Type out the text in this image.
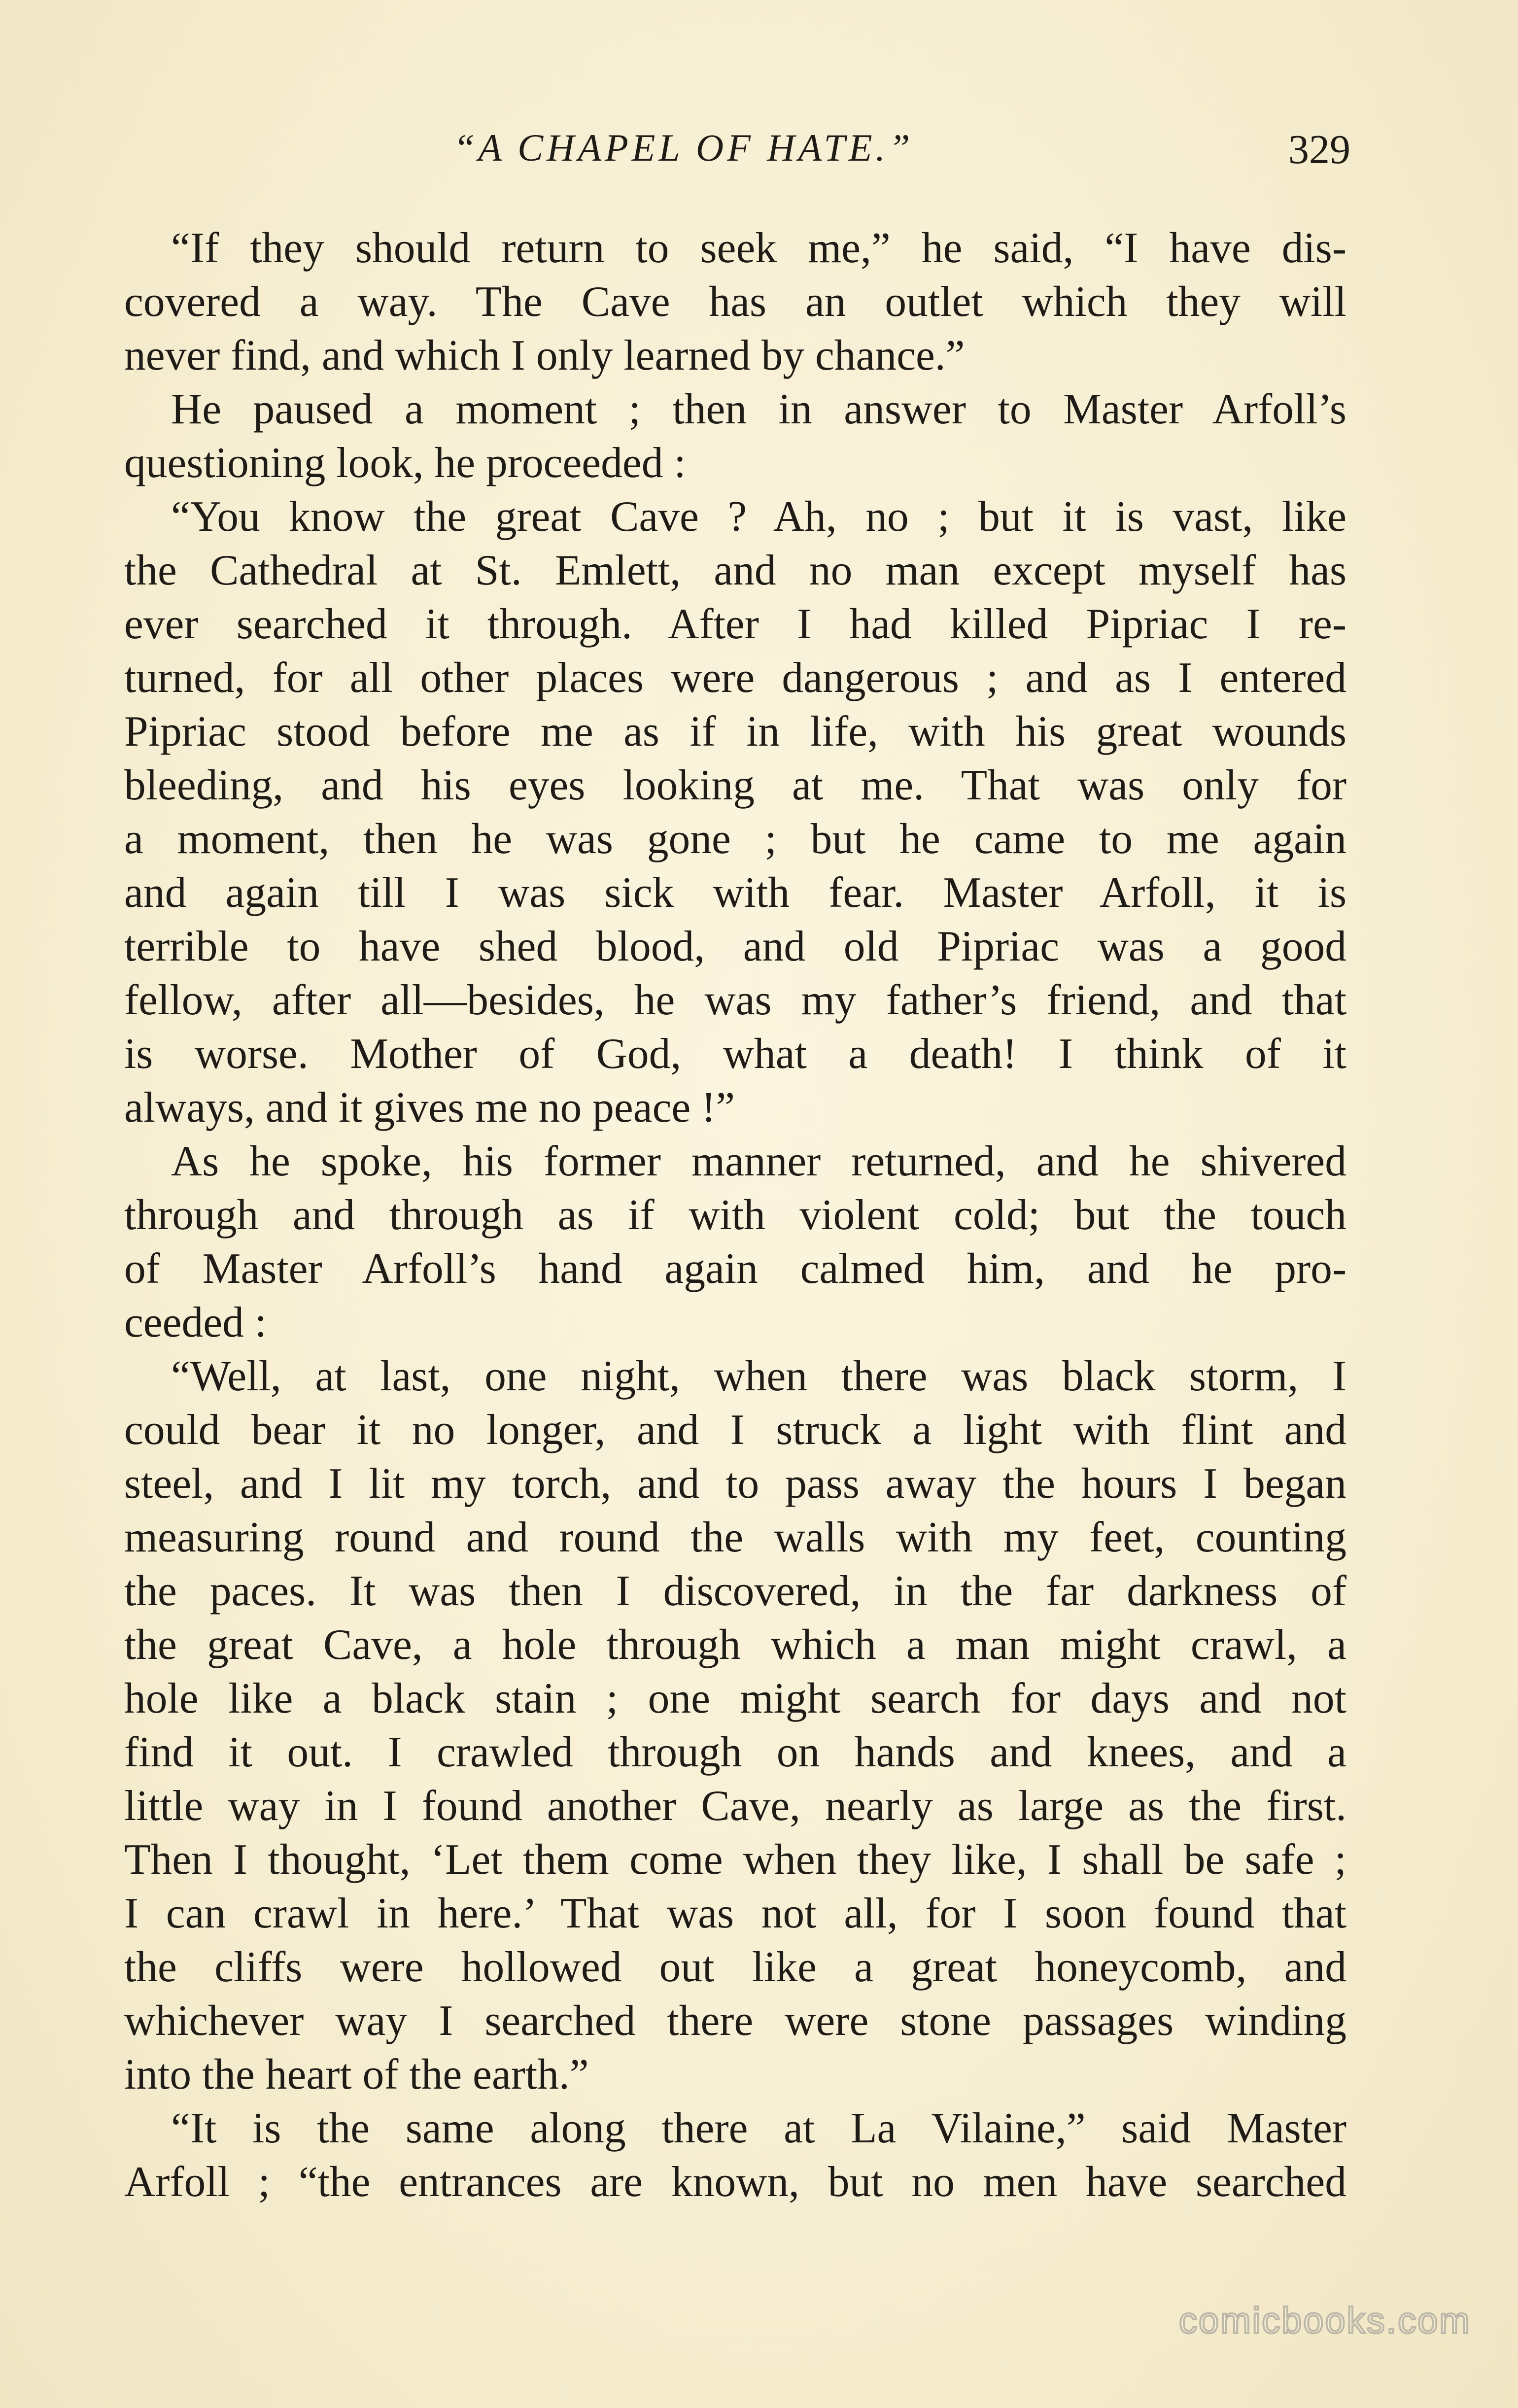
“A CHAPEL OF HATE.”	329
“If they should return to seek me,” he said, “I have dis-
covered a way. The Cave has an outlet which they will
never find, and which I only learned by chance.”
He paused a moment ; then in answer to Master Arfoll’s
questioning look, he proceeded :
“You know the great Cave ? Ah, no ; but it is vast, like
the Cathedral at St. Emlett, and no man except myself has
ever searched it through. After I had killed Pipriac I re-
turned, for all other places were dangerous ; and as I entered
Pipriac stood before me as if in life, with his great wounds
bleeding, and his eyes looking at me. That was only for
a moment, then he was gone ; but he came to me again
and again till I was sick with fear. Master Arfoll, it is
terrible to have shed blood, and old Pipriac was a good
fellow, after all—besides, he was my father’s friend, and that
is worse. Mother of God, what a death! I think of it
always, and it gives me no peace !”
As he spoke, his former manner returned, and he shivered
through and through as if with violent cold; but the touch
of Master Arfoll’s hand again calmed him, and he pro-
ceeded :
“Well, at last, one night, when there was black storm, I
could bear it no longer, and I struck a light with flint and
steel, and I lit my torch, and to pass away the hours I began
measuring round and round the walls with my feet, counting
the paces. It was then I discovered, in the far darkness of
the great Cave, a hole through which a man might crawl, a
hole like a black stain ; one might search for days and not
find it out. I crawled through on hands and knees, and a
little way in I found another Cave, nearly as large as the first.
Then I thought, ‘Let them come when they like, I shall be safe ;
I can crawl in here.’ That was not all, for I soon found that
the cliffs were hollowed out like a great honeycomb, and
whichever way I searched there were stone passages winding
into the heart of the earth.”
“It is the same along there at La Vilaine,” said Master
Arfoll ; “the entrances are known, but no men have searched
comicbooks.com
